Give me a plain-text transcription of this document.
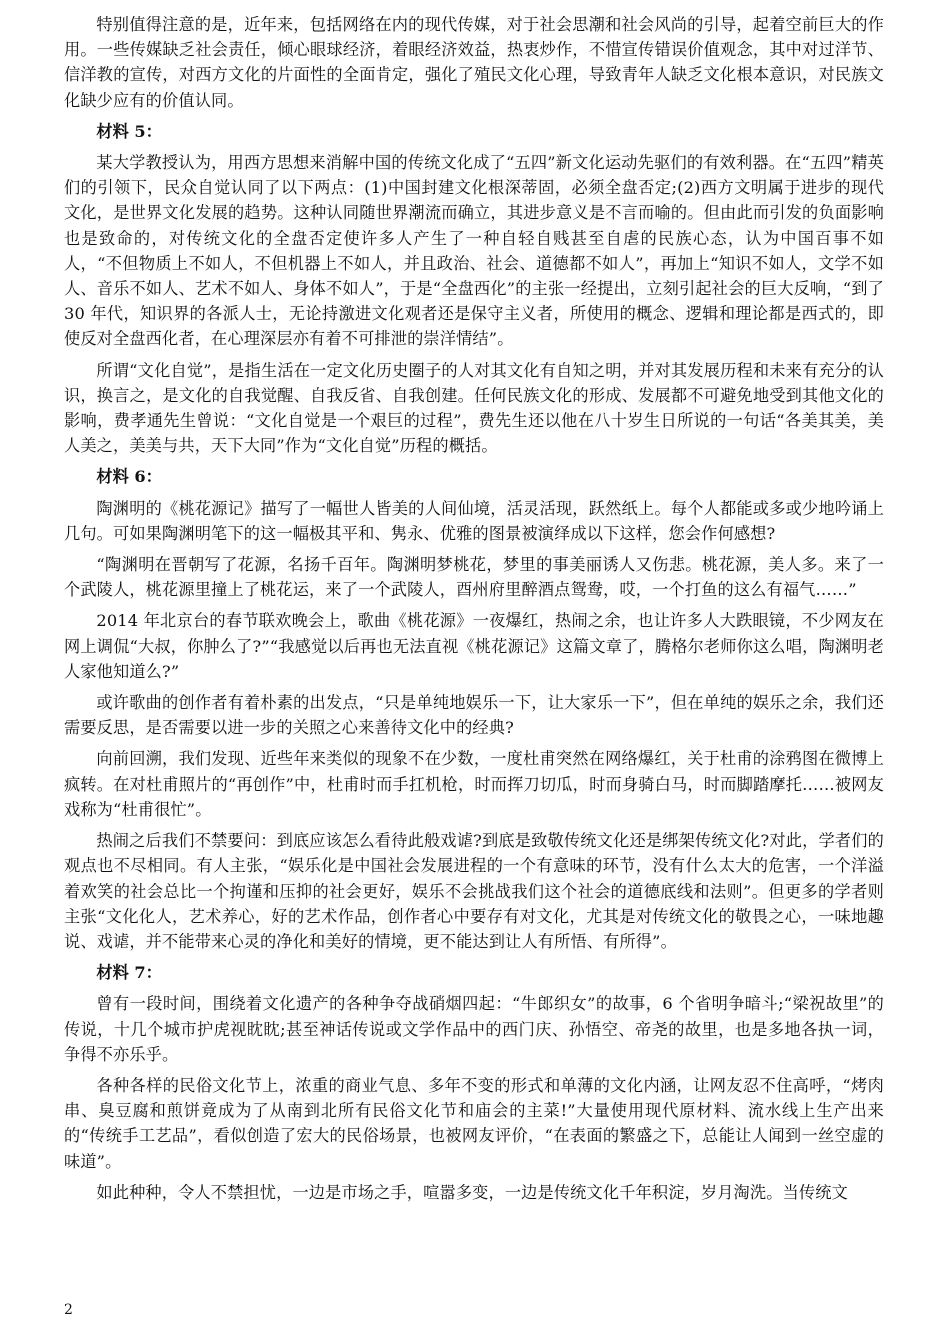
特别值得注意的是，近年来，包括网络在内的现代传媒，对于社会思潮和社会风尚的引导，起着空前巨大的作用。一些传媒缺乏社会责任，倾心眼球经济，着眼经济效益，热衷炒作，不惜宣传错误价值观念，其中对过洋节、信洋教的宣传，对西方文化的片面性的全面肯定，强化了殖民文化心理，导致青年人缺乏文化根本意识，对民族文化缺少应有的价值认同。

材料 5：

某大学教授认为，用西方思想来消解中国的传统文化成了“五四”新文化运动先驱们的有效利器。在“五四”精英们的引领下，民众自觉认同了以下两点：(1)中国封建文化根深蒂固，必须全盘否定;(2)西方文明属于进步的现代文化，是世界文化发展的趋势。这种认同随世界潮流而确立，其进步意义是不言而喻的。但由此而引发的负面影响也是致命的，对传统文化的全盘否定使许多人产生了一种自轻自贱甚至自虐的民族心态，认为中国百事不如人，“不但物质上不如人，不但机器上不如人，并且政治、社会、道德都不如人”，再加上“知识不如人，文学不如人、音乐不如人、艺术不如人、身体不如人”，于是“全盘西化”的主张一经提出，立刻引起社会的巨大反响，“到了 30 年代，知识界的各派人士，无论持激进文化观者还是保守主义者，所使用的概念、逻辑和理论都是西式的，即使反对全盘西化者，在心理深层亦有着不可排泄的崇洋情结”。

所谓“文化自觉”，是指生活在一定文化历史圈子的人对其文化有自知之明，并对其发展历程和未来有充分的认识，换言之，是文化的自我觉醒、自我反省、自我创建。任何民族文化的形成、发展都不可避免地受到其他文化的影响，费孝通先生曾说：“文化自觉是一个艰巨的过程”，费先生还以他在八十岁生日所说的一句话“各美其美，美人美之，美美与共，天下大同”作为“文化自觉”历程的概括。

材料 6：

陶渊明的《桃花源记》描写了一幅世人皆美的人间仙境，活灵活现，跃然纸上。每个人都能或多或少地吟诵上几句。可如果陶渊明笔下的这一幅极其平和、隽永、优雅的图景被演绎成以下这样，您会作何感想?

“陶渊明在晋朝写了花源，名扬千百年。陶渊明梦桃花，梦里的事美丽诱人又伤悲。桃花源，美人多。来了一个武陵人，桃花源里撞上了桃花运，来了一个武陵人，酉州府里醉酒点鸳鸯，哎，一个打鱼的这么有福气……”

2014 年北京台的春节联欢晚会上，歌曲《桃花源》一夜爆红，热闹之余，也让许多人大跌眼镜，不少网友在网上调侃“大叔，你肿么了?”“我感觉以后再也无法直视《桃花源记》这篇文章了，腾格尔老师你这么唱，陶渊明老人家他知道么?”

或许歌曲的创作者有着朴素的出发点，“只是单纯地娱乐一下，让大家乐一下”，但在单纯的娱乐之余，我们还需要反思，是否需要以进一步的关照之心来善待文化中的经典?

向前回溯，我们发现、近些年来类似的现象不在少数，一度杜甫突然在网络爆红，关于杜甫的涂鸦图在微博上疯转。在对杜甫照片的“再创作”中，杜甫时而手扛机枪，时而挥刀切瓜，时而身骑白马，时而脚踏摩托……被网友戏称为“杜甫很忙”。

热闹之后我们不禁要问：到底应该怎么看待此般戏谑?到底是致敬传统文化还是绑架传统文化?对此，学者们的观点也不尽相同。有人主张，“娱乐化是中国社会发展进程的一个有意味的环节，没有什么太大的危害，一个洋溢着欢笑的社会总比一个拘谨和压抑的社会更好，娱乐不会挑战我们这个社会的道德底线和法则”。但更多的学者则主张“文化化人，艺术养心，好的艺术作品，创作者心中要存有对文化，尤其是对传统文化的敬畏之心，一味地趣说、戏谑，并不能带来心灵的净化和美好的情境，更不能达到让人有所悟、有所得”。

材料 7：

曾有一段时间，围绕着文化遗产的各种争夺战硝烟四起：“牛郎织女”的故事，6 个省明争暗斗;“梁祝故里”的传说，十几个城市护虎视眈眈;甚至神话传说或文学作品中的西门庆、孙悟空、帝尧的故里，也是多地各执一词，争得不亦乐乎。

各种各样的民俗文化节上，浓重的商业气息、多年不变的形式和单薄的文化内涵，让网友忍不住高呼，“烤肉串、臭豆腐和煎饼竟成为了从南到北所有民俗文化节和庙会的主菜!”大量使用现代原材料、流水线上生产出来的“传统手工艺品”，看似创造了宏大的民俗场景，也被网友评价，“在表面的繁盛之下，总能让人闻到一丝空虚的味道”。

如此种种，令人不禁担忧，一边是市场之手，喧嚣多变，一边是传统文化千年积淀，岁月淘洗。当传统文

2
